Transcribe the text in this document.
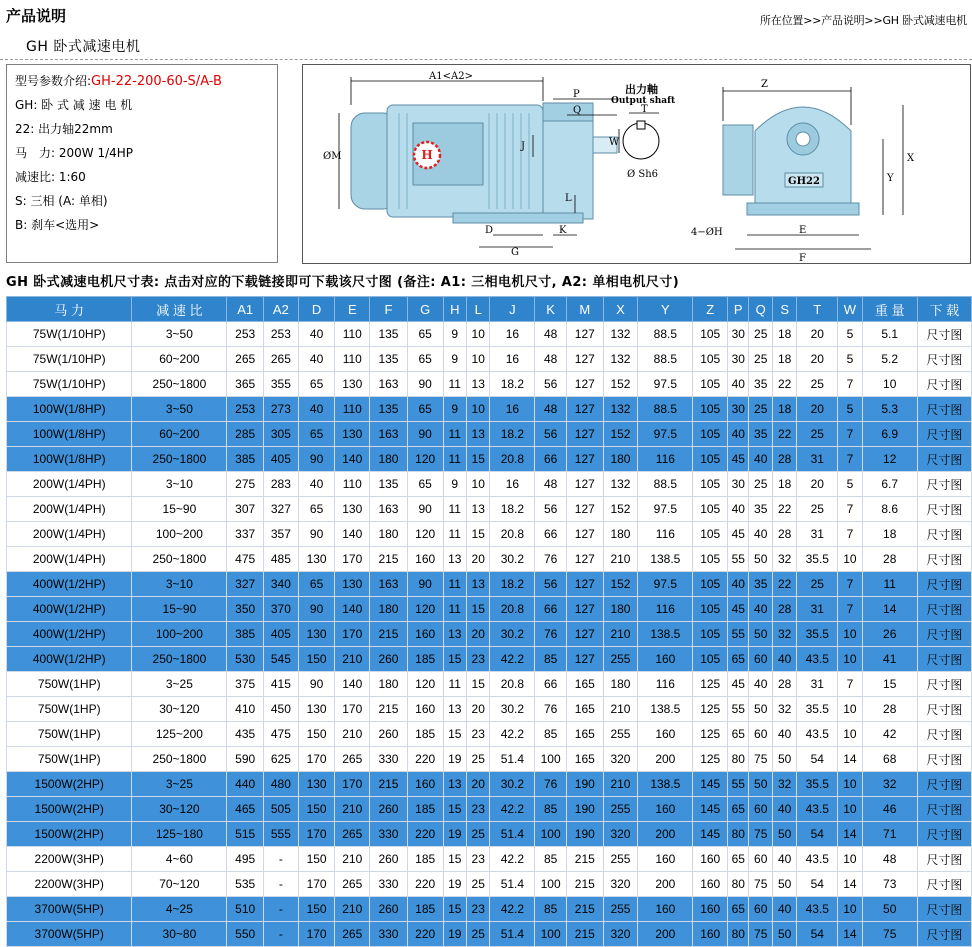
产品说明	所在位置>>产品说明>>GH 卧式减速电机
GH 卧式减速电机
型号参数介绍:GH-22-200-60-S/A-B
GH: 卧 式 减 速 电 机
22: 出力轴22mm
马　力: 200W 1/4HP
减速比: 1:60
S: 三相 (A: 单相)
B: 刹车<选用>
H
A1<A2>
P
Q
ØM
J
L
D
G
K
出力軸
Output shaft
T
W
Ø Sh6
GH22
Z
X
Y
E
F
4−ØH
GH 卧式减速电机尺寸表: 点击对应的下载链接即可下载该尺寸图 (备注: A1: 三相电机尺寸, A2: 单相电机尺寸)
马 力	减 速 比	A1	A2	D	E	F	G	H	L	J	K	M	X	Y	Z	P	Q	S	T	W	重 量	下 载
75W(1/10HP)	3~50	253	253	40	110	135	65	9	10	16	48	127	132	88.5	105	30	25	18	20	5	5.1	尺寸图
75W(1/10HP)	60~200	265	265	40	110	135	65	9	10	16	48	127	132	88.5	105	30	25	18	20	5	5.2	尺寸图
75W(1/10HP)	250~1800	365	355	65	130	163	90	11	13	18.2	56	127	152	97.5	105	40	35	22	25	7	10	尺寸图
100W(1/8HP)	3~50	253	273	40	110	135	65	9	10	16	48	127	132	88.5	105	30	25	18	20	5	5.3	尺寸图
100W(1/8HP)	60~200	285	305	65	130	163	90	11	13	18.2	56	127	152	97.5	105	40	35	22	25	7	6.9	尺寸图
100W(1/8HP)	250~1800	385	405	90	140	180	120	11	15	20.8	66	127	180	116	105	45	40	28	31	7	12	尺寸图
200W(1/4PH)	3~10	275	283	40	110	135	65	9	10	16	48	127	132	88.5	105	30	25	18	20	5	6.7	尺寸图
200W(1/4PH)	15~90	307	327	65	130	163	90	11	13	18.2	56	127	152	97.5	105	40	35	22	25	7	8.6	尺寸图
200W(1/4PH)	100~200	337	357	90	140	180	120	11	15	20.8	66	127	180	116	105	45	40	28	31	7	18	尺寸图
200W(1/4PH)	250~1800	475	485	130	170	215	160	13	20	30.2	76	127	210	138.5	105	55	50	32	35.5	10	28	尺寸图
400W(1/2HP)	3~10	327	340	65	130	163	90	11	13	18.2	56	127	152	97.5	105	40	35	22	25	7	11	尺寸图
400W(1/2HP)	15~90	350	370	90	140	180	120	11	15	20.8	66	127	180	116	105	45	40	28	31	7	14	尺寸图
400W(1/2HP)	100~200	385	405	130	170	215	160	13	20	30.2	76	127	210	138.5	105	55	50	32	35.5	10	26	尺寸图
400W(1/2HP)	250~1800	530	545	150	210	260	185	15	23	42.2	85	127	255	160	105	65	60	40	43.5	10	41	尺寸图
750W(1HP)	3~25	375	415	90	140	180	120	11	15	20.8	66	165	180	116	125	45	40	28	31	7	15	尺寸图
750W(1HP)	30~120	410	450	130	170	215	160	13	20	30.2	76	165	210	138.5	125	55	50	32	35.5	10	28	尺寸图
750W(1HP)	125~200	435	475	150	210	260	185	15	23	42.2	85	165	255	160	125	65	60	40	43.5	10	42	尺寸图
750W(1HP)	250~1800	590	625	170	265	330	220	19	25	51.4	100	165	320	200	125	80	75	50	54	14	68	尺寸图
1500W(2HP)	3~25	440	480	130	170	215	160	13	20	30.2	76	190	210	138.5	145	55	50	32	35.5	10	32	尺寸图
1500W(2HP)	30~120	465	505	150	210	260	185	15	23	42.2	85	190	255	160	145	65	60	40	43.5	10	46	尺寸图
1500W(2HP)	125~180	515	555	170	265	330	220	19	25	51.4	100	190	320	200	145	80	75	50	54	14	71	尺寸图
2200W(3HP)	4~60	495	-	150	210	260	185	15	23	42.2	85	215	255	160	160	65	60	40	43.5	10	48	尺寸图
2200W(3HP)	70~120	535	-	170	265	330	220	19	25	51.4	100	215	320	200	160	80	75	50	54	14	73	尺寸图
3700W(5HP)	4~25	510	-	150	210	260	185	15	23	42.2	85	215	255	160	160	65	60	40	43.5	10	50	尺寸图
3700W(5HP)	30~80	550	-	170	265	330	220	19	25	51.4	100	215	320	200	160	80	75	50	54	14	75	尺寸图
